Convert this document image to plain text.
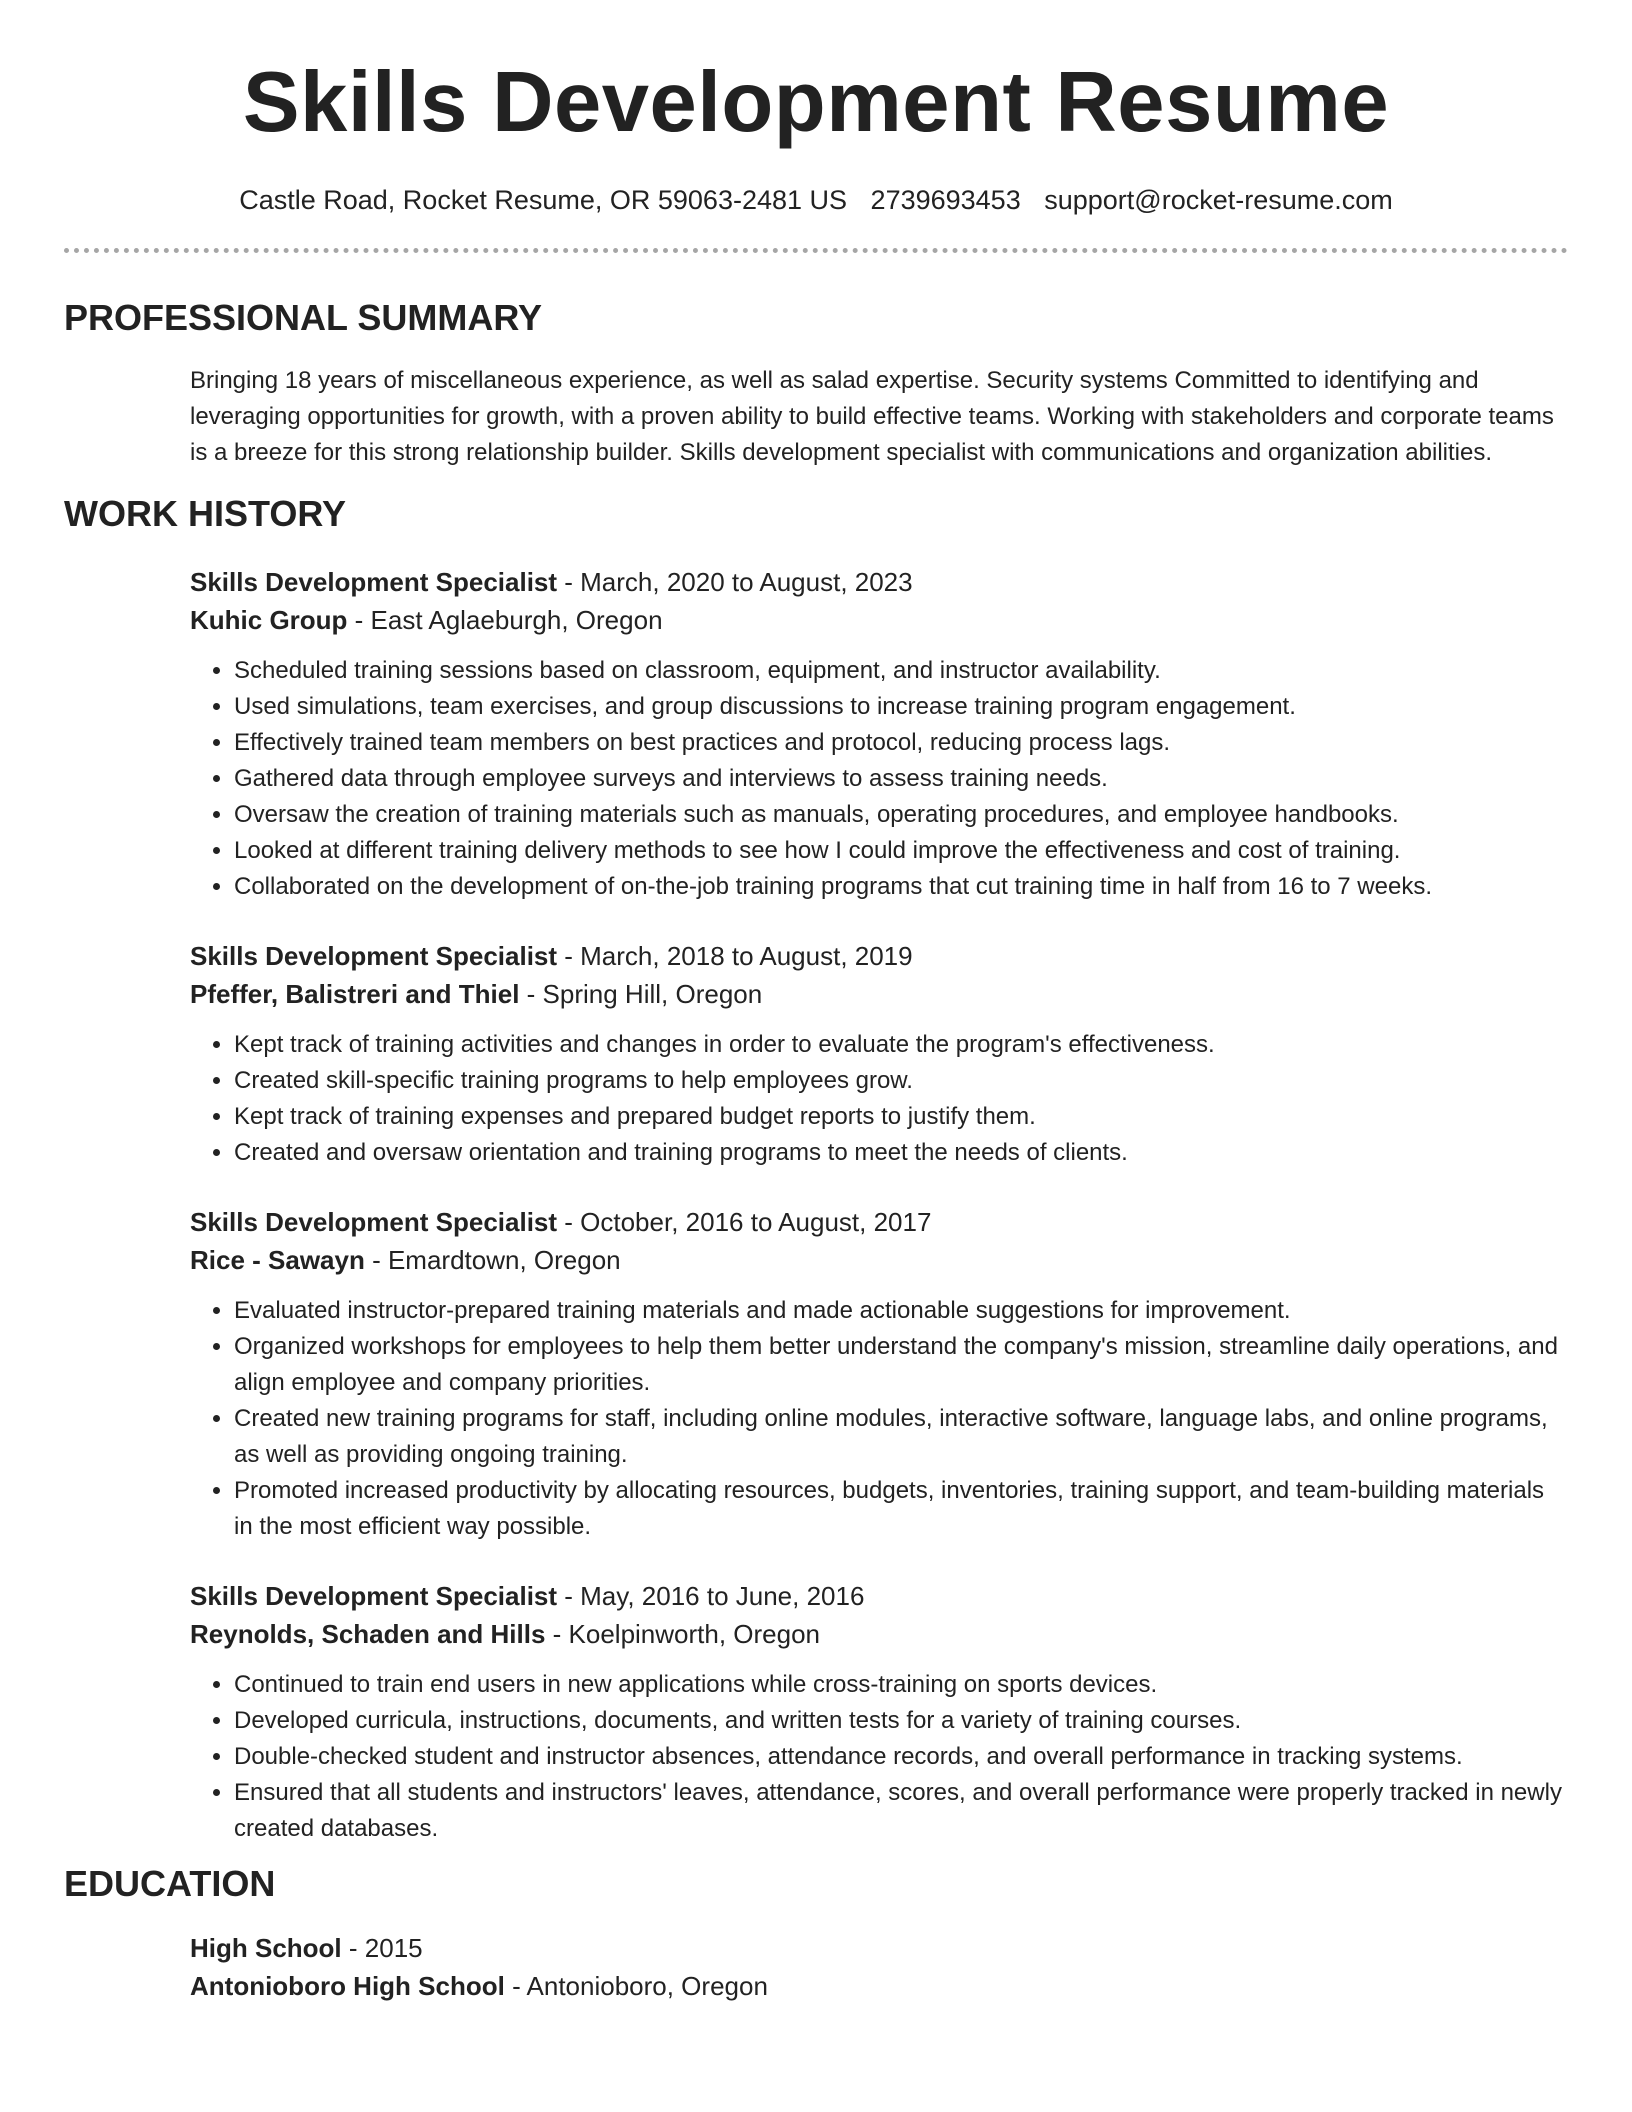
Skills Development Resume
Castle Road, Rocket Resume, OR 59063-2481 US 2739693453 support@rocket-resume.com
PROFESSIONAL SUMMARY
Bringing 18 years of miscellaneous experience, as well as salad expertise. Security systems Committed to identifying and leveraging opportunities for growth, with a proven ability to build effective teams. Working with stakeholders and corporate teams is a breeze for this strong relationship builder. Skills development specialist with communications and organization abilities.
WORK HISTORY
Skills Development Specialist - March, 2020 to August, 2023
Kuhic Group - East Aglaeburgh, Oregon
• Scheduled training sessions based on classroom, equipment, and instructor availability.
• Used simulations, team exercises, and group discussions to increase training program engagement.
• Effectively trained team members on best practices and protocol, reducing process lags.
• Gathered data through employee surveys and interviews to assess training needs.
• Oversaw the creation of training materials such as manuals, operating procedures, and employee handbooks.
• Looked at different training delivery methods to see how I could improve the effectiveness and cost of training.
• Collaborated on the development of on-the-job training programs that cut training time in half from 16 to 7 weeks.
Skills Development Specialist - March, 2018 to August, 2019
Pfeffer, Balistreri and Thiel - Spring Hill, Oregon
• Kept track of training activities and changes in order to evaluate the program's effectiveness.
• Created skill-specific training programs to help employees grow.
• Kept track of training expenses and prepared budget reports to justify them.
• Created and oversaw orientation and training programs to meet the needs of clients.
Skills Development Specialist - October, 2016 to August, 2017
Rice - Sawayn - Emardtown, Oregon
• Evaluated instructor-prepared training materials and made actionable suggestions for improvement.
• Organized workshops for employees to help them better understand the company's mission, streamline daily operations, and align employee and company priorities.
• Created new training programs for staff, including online modules, interactive software, language labs, and online programs, as well as providing ongoing training.
• Promoted increased productivity by allocating resources, budgets, inventories, training support, and team-building materials in the most efficient way possible.
Skills Development Specialist - May, 2016 to June, 2016
Reynolds, Schaden and Hills - Koelpinworth, Oregon
• Continued to train end users in new applications while cross-training on sports devices.
• Developed curricula, instructions, documents, and written tests for a variety of training courses.
• Double-checked student and instructor absences, attendance records, and overall performance in tracking systems.
• Ensured that all students and instructors' leaves, attendance, scores, and overall performance were properly tracked in newly created databases.
EDUCATION
High School - 2015
Antonioboro High School - Antonioboro, Oregon
